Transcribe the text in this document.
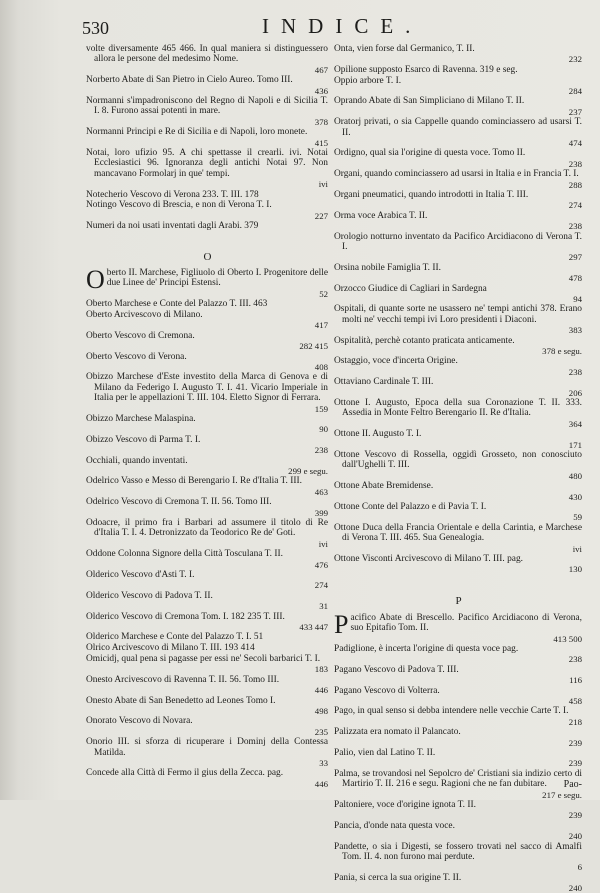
530	INDICE.

volte diversamente 465 466. In qual maniera si distinguessero allora le persone del medesimo Nome.
467

Norberto Abate di San Pietro in Cielo Aureo. Tomo III.
436

Normanni s'impadroniscono del Regno di Napoli e di Sicilia T. I. 8. Furono assai potenti in mare.
378

Normanni Principi e Re di Sicilia e di Napoli, loro monete.
415

Notai, loro ufizio 95. A chi spettasse il crearli. ivi. Notai Ecclesiastici 96. Ignoranza degli antichi Notai 97. Non mancavano Formolarj in que' tempi.
ivi

Notecherio Vescovo di Verona 233. T. III. 178

Notingo Vescovo di Brescia, e non di Verona T. I.
227

Numeri da noi usati inventati dagli Arabi. 379

O

Oberto II. Marchese, Figliuolo di Oberto I. Progenitore delle due Linee de' Principi Estensi.
52

Oberto Marchese e Conte del Palazzo T. III. 463

Oberto Arcivescovo di Milano.
417

Oberto Vescovo di Cremona.
282 415

Oberto Vescovo di Verona.
408

Obizzo Marchese d'Este investito della Marca di Genova e di Milano da Federigo I. Augusto T. I. 41. Vicario Imperiale in Italia per le appellazioni T. III. 104. Eletto Signor di Ferrara.
159

Obizzo Marchese Malaspina.
90

Obizzo Vescovo di Parma T. I.
238

Occhiali, quando inventati.
299 e segu.

Odelrico Vasso e Messo di Berengario I. Re d'Italia T. III.
463

Odelrico Vescovo di Cremona T. II. 56. Tomo III.
399

Odoacre, il primo fra i Barbari ad assumere il titolo di Re d'Italia T. I. 4. Detronizzato da Teodorico Re de' Goti.
ivi

Oddone Colonna Signore della Città Tosculana T. II.
476

Olderico Vescovo d'Asti T. I.
274

Olderico Vescovo di Padova T. II.
31

Olderico Vescovo di Cremona Tom. I. 182 235 T. III.
433 447

Olderico Marchese e Conte del Palazzo T. I. 51

Olrico Arcivescovo di Milano T. III. 193 414

Omicidj, qual pena si pagasse per essi ne' Secoli barbarici T. I.
183

Onesto Arcivescovo di Ravenna T. II. 56. Tomo III.
446

Onesto Abate di San Benedetto ad Leones Tomo I.
498

Onorato Vescovo di Novara.
235

Onorio III. si sforza di ricuperare i Dominj della Contessa Matilda.
33

Concede alla Città di Fermo il gius della Zecca. pag.
446

Onta, vien forse dal Germanico, T. II.
232

Opilione supposto Esarco di Ravenna. 319 e seg.

Oppio arbore T. I.
284

Oprando Abate di San Simpliciano di Milano T. II.
237

Oratorj privati, o sia Cappelle quando cominciassero ad usarsi T. II.
474

Ordigno, qual sia l'origine di questa voce. Tomo II.
238

Organi, quando cominciassero ad usarsi in Italia e in Francia T. I.
288

Organi pneumatici, quando introdotti in Italia T. III.
274

Orma voce Arabica T. II.
238

Orologio notturno inventato da Pacifico Arcidiacono di Verona T. I.
297

Orsina nobile Famiglia T. II.
478

Orzocco Giudice di Cagliari in Sardegna
94

Ospitali, di quante sorte ne usassero ne' tempi antichi 378. Erano molti ne' vecchi tempi ivi Loro presidenti i Diaconi.
383

Ospitalità, perchè cotanto praticata anticamente.
378 e segu.

Ostaggio, voce d'incerta Origine.
238

Ottaviano Cardinale T. III.
206

Ottone I. Augusto, Epoca della sua Coronazione T. II. 333. Assedia in Monte Feltro Berengario II. Re d'Italia.
364

Ottone II. Augusto T. I.
171

Ottone Vescovo di Rossella, oggidì Grosseto, non conosciuto dall'Ughelli T. III.
480

Ottone Abate Bremidense.
430

Ottone Conte del Palazzo e di Pavia T. I.
59

Ottone Duca della Francia Orientale e della Carintia, e Marchese di Verona T. III. 465. Sua Genealogia.
ivi

Ottone Visconti Arcivescovo di Milano T. III. pag.
130

P

Pacifico Abate di Brescello. Pacifico Arcidiacono di Verona, suo Epitafio Tom. II.
413 500

Padiglione, è incerta l'origine di questa voce pag.
238

Pagano Vescovo di Padova T. III.
116

Pagano Vescovo di Volterra.
458

Pago, in qual senso si debba intendere nelle vecchie Carte T. I.
218

Palizzata era nomato il Palancato.
239

Palio, vien dal Latino T. II.
239

Palma, se trovandosi nel Sepolcro de' Cristiani sia indizio certo di Martirio T. II. 216 e segu. Ragioni che ne fan dubitare.
217 e segu.

Paltoniere, voce d'origine ignota T. II.
239

Pancia, d'onde nata questa voce.
240

Pandette, o sia i Digesti, se fossero trovati nel sacco di Amalfi Tom. II. 4. non furono mai perdute.
6

Pania, si cerca la sua origine T. II.
240

Pao-
